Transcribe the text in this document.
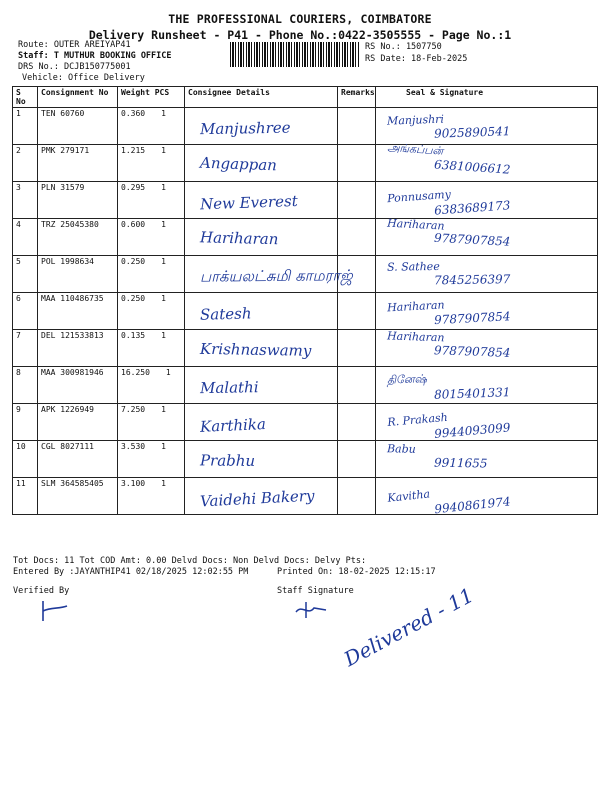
THE PROFESSIONAL COURIERS, COIMBATORE
Delivery Runsheet - P41 - Phone No.:0422-3505555 - Page No.:1
Route: OUTER AREIYAP41
Staff: T MUTHUR BOOKING OFFICE
DRS No.: DCJB150775001
Vehicle: Office Delivery
RS No.: 1507750
RS Date: 18-Feb-2025
S No	Consignment No	Weight PCS	Consignee Details	Remarks	Seal & Signature
1	TEN 60760	0.360 1	Manjushree		Manjushri
9025890541

2	PMK 279171	1.215 1	Angappan		அங்கப்பன்
6381006612

3	PLN 31579	0.295 1	New Everest		Ponnusamy
6383689173

4	TRZ 25045380	0.600 1	Hariharan		Hariharan
9787907854

5	POL 1998634	0.250 1	பாக்யலட்சுமி காமராஜ்		S. Sathee
7845256397

6	MAA 110486735	0.250 1	Satesh		Hariharan
9787907854

7	DEL 121533813	0.135 1	Krishnaswamy		Hariharan
9787907854

8	MAA 300981946	16.250 1	Malathi		தினேஷ்
8015401331

9	APK 1226949	7.250 1	Karthika		R. Prakash
9944093099

10	CGL 8027111	3.530 1	Prabhu		Babu
9911655

11	SLM 364585405	3.100 1	Vaidehi Bakery		Kavitha 9940861974
Tot Docs: 11 Tot COD Amt: 0.00 Delvd Docs: Non Delvd Docs: Delvy Pts:
Entered By :JAYANTHIP41 02/18/2025 12:02:55 PM	Printed On: 18-02-2025 12:15:17
Verified By	Staff Signature
Delivered - 11
